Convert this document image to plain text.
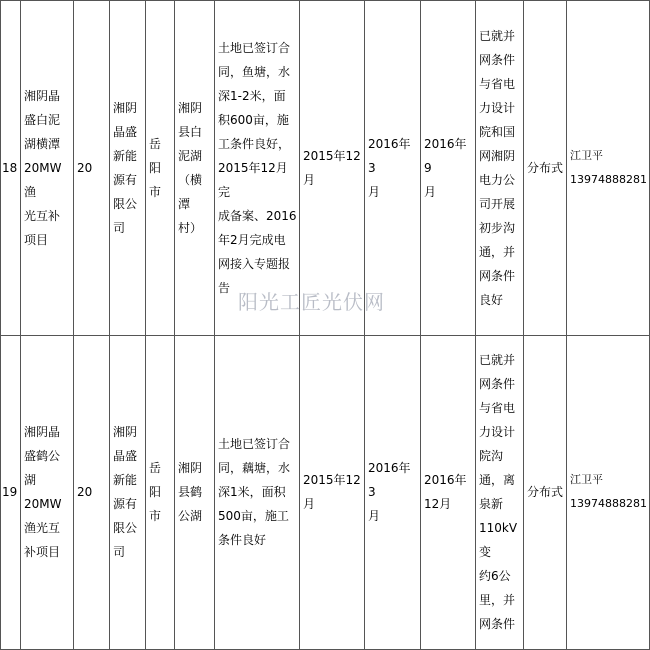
18
湘阴晶
盛白泥
湖横潭
20MW渔
光互补
项目
20
湘阴
晶盛
新能
源有
限公
司
岳阳
市
湘阴
县白
泥湖
（横
潭
村）
土地已签订合
同，鱼塘，水
深1-2米，面
积600亩，施
工条件良好，
2015年12月完
成备案、2016
年2月完成电
网接入专题报
告
2015年12
月
2016年3
月
2016年9
月
已就并
网条件
与省电
力设计
院和国
网湘阴
电力公
司开展
初步沟
通，并
网条件
良好
分布式
江卫平
13974888281
19
湘阴晶
盛鹤公
湖20MW
渔光互
补项目
20
湘阴
晶盛
新能
源有
限公
司
岳阳
市
湘阴
县鹤
公湖
土地已签订合
同，藕塘，水
深1米，面积
500亩，施工
条件良好
2015年12
月
2016年3
月
2016年
12月
已就并
网条件
与省电
力设计
院沟
通，离
泉新
110kV变
约6公
里，并
网条件
分布式
江卫平
13974888281
阳光工匠光伏网
